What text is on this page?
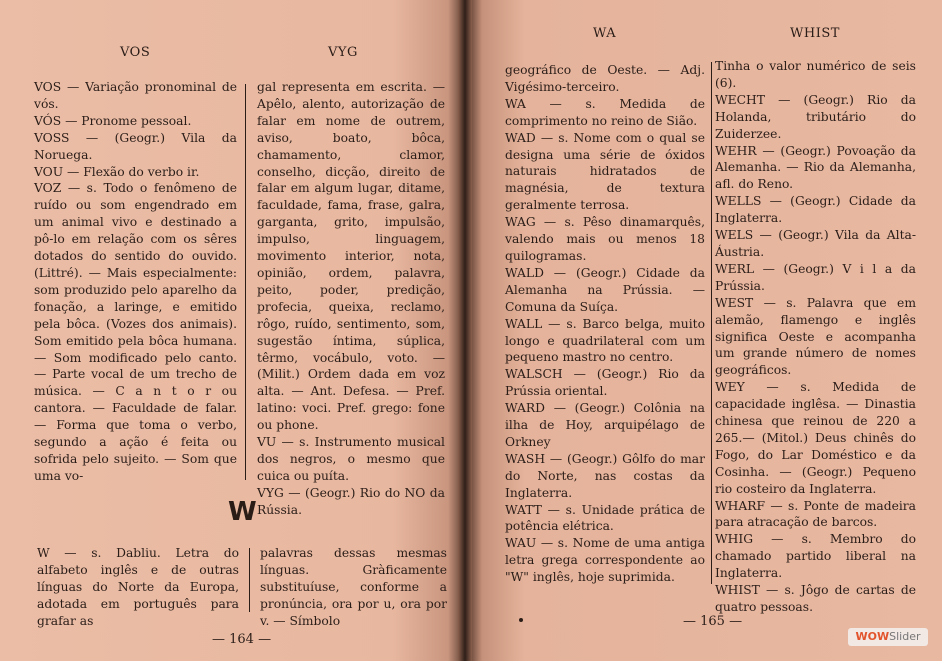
VOS	VYG

VOS — Variação pronominal de vós.

VÓS — Pronome pessoal.

VOSS — (Geogr.) Vila da Noruega.

VOU — Flexão do verbo ir.

VOZ — s. Todo o fenômeno de ruído ou som engendrado em um animal vivo e destinado a pô-lo em relação com os sêres dotados do sentido do ouvido. (Littré). — Mais especialmente: som produzido pelo aparelho da fonação, a laringe, e emitido pela bôca. (Vozes dos animais). Som emitido pela bôca humana. — Som modificado pelo canto. — Parte vocal de um trecho de música. — C a n t o r ou cantora. — Faculdade de falar. — Forma que toma o verbo, segundo a ação é feita ou sofrida pelo sujeito. — Som que uma vo-

gal representa em escrita. — Apêlo, alento, autorização de falar em nome de outrem, aviso, boato, bôca, chamamento, clamor, conselho, dicção, direito de falar em algum lugar, ditame, faculdade, fama, frase, galra, garganta, grito, impulsão, impulso, linguagem, movimento interior, nota, opinião, ordem, palavra, peito, poder, predição, profecia, queixa, reclamo, rôgo, ruído, sentimento, som, sugestão íntima, súplica, têrmo, vocábulo, voto. — (Milit.) Ordem dada em voz alta. — Ant. Defesa. — Pref. latino: voci. Pref. grego: fone ou phone.

VU — s. Instrumento musical dos negros, o mesmo que cuica ou puíta.

VYG — (Geogr.) Rio do NO da Rússia.

W
W — s. Dabliu. Letra do alfabeto inglês e de outras línguas do Norte da Europa, adotada em português para grafar as
palavras dessas mesmas línguas. Gràficamente substituíuse, conforme a pronúncia, ora por u, ora por v. — Símbolo
— 164 —
WA	WHIST

geográfico de Oeste. — Adj. Vigésimo-terceiro.

WA — s. Medida de comprimento no reino de Sião.

WAD — s. Nome com o qual se designa uma série de óxidos naturais hidratados de magnésia, de textura geralmente terrosa.

WAG — s. Pêso dinamarquês, valendo mais ou menos 18 quilogramas.

WALD — (Geogr.) Cidade da Alemanha na Prússia. — Comuna da Suíça.

WALL — s. Barco belga, muito longo e quadrilateral com um pequeno mastro no centro.

WALSCH — (Geogr.) Rio da Prússia oriental.

WARD — (Geogr.) Colônia na ilha de Hoy, arquipélago de Orkney

WASH — (Geogr.) Gôlfo do mar do Norte, nas costas da Inglaterra.

WATT — s. Unidade prática de potência elétrica.

WAU — s. Nome de uma antiga letra grega correspondente ao "W" inglês, hoje suprimida.

Tinha o valor numérico de seis (6).

WECHT — (Geogr.) Rio da Holanda, tributário do Zuiderzee.

WEHR — (Geogr.) Povoação da Alemanha. — Rio da Alemanha, afl. do Reno.

WELLS — (Geogr.) Cidade da Inglaterra.

WELS — (Geogr.) Vila da Alta-Áustria.

WERL — (Geogr.) V i l a da Prússia.

WEST — s. Palavra que em alemão, flamengo e inglês significa Oeste e acompanha um grande número de nomes geográficos.

WEY — s. Medida de capacidade inglêsa. — Dinastia chinesa que reinou de 220 a 265.— (Mitol.) Deus chinês do Fogo, do Lar Doméstico e da Cosinha. — (Geogr.) Pequeno rio costeiro da Inglaterra.

WHARF — s. Ponte de madeira para atracação de barcos.

WHIG — s. Membro do chamado partido liberal na Inglaterra.

WHIST — s. Jôgo de cartas de quatro pessoas.

— 165 —
WOWSlider
